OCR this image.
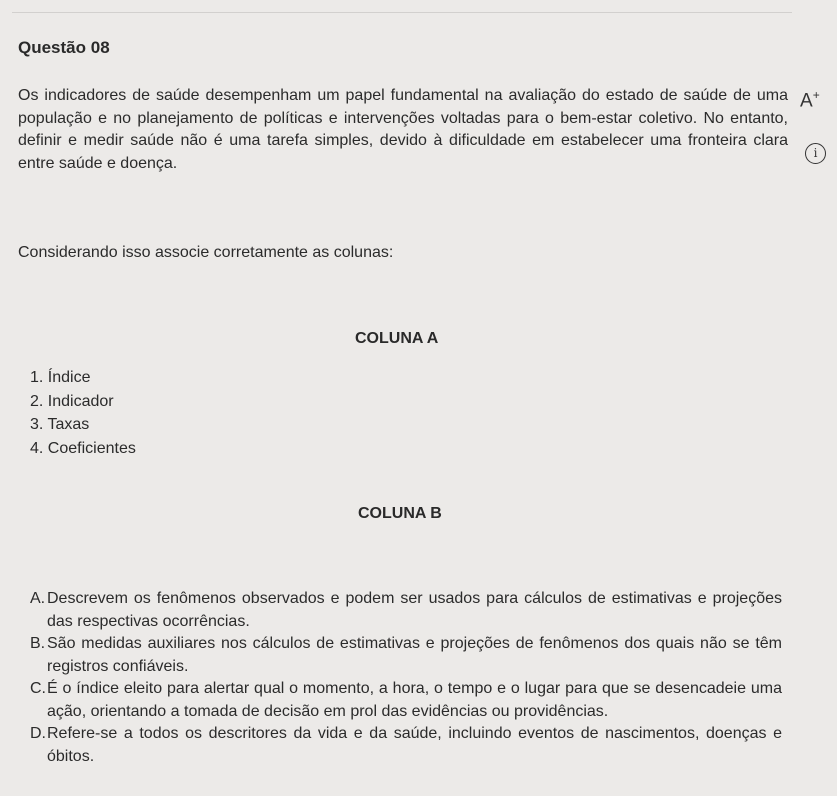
Questão 08
Os indicadores de saúde desempenham um papel fundamental na avaliação do estado de saúde de uma população e no planejamento de políticas e intervenções voltadas para o bem-estar coletivo. No entanto, definir e medir saúde não é uma tarefa simples, devido à dificuldade em estabelecer uma fronteira clara entre saúde e doença.
A+
i
Considerando isso associe corretamente as colunas:
COLUNA A
1. Índice
2. Indicador
3. Taxas
4. Coeficientes
COLUNA B
A. Descrevem os fenômenos observados e podem ser usados para cálculos de estimativas e projeções das respectivas ocorrências.
B. São medidas auxiliares nos cálculos de estimativas e projeções de fenômenos dos quais não se têm registros confiáveis.
C. É o índice eleito para alertar qual o momento, a hora, o tempo e o lugar para que se desencadeie uma ação, orientando a tomada de decisão em prol das evidências ou providências.
D. Refere-se a todos os descritores da vida e da saúde, incluindo eventos de nascimentos, doenças e óbitos.
